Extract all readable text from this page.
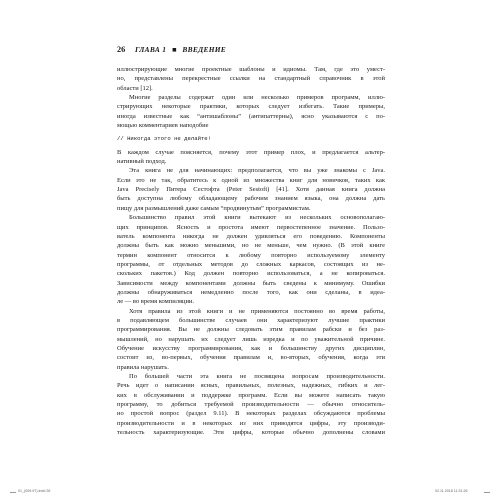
26 ГЛАВА 1 ■ ВВЕДЕНИЕ
иллюстрирующие многие проектные шаблоны и идиомы. Там, где это умест-
но, представлены перекрестные ссылки на стандартный справочник в этой
области [12].
Многие разделы содержат один или несколько примеров программ, иллю-
стрирующих некоторые практики, которых следует избегать. Такие примеры,
иногда известные как “антишаблоны” (антипаттерны), ясно указываются с по-
мощью комментариев наподобие
// Никогда этого не делайте!
В каждом случае поясняется, почему этот пример плох, и предлагается альтер-
нативный подход.
Эта книга не для начинающих: предполагается, что вы уже знакомы с Java.
Если это не так, обратитесь к одной из множества книг для новичков, таких как
Java Precisely Питера Сестофта (Peter Sestoft) [41]. Хотя данная книга должна
быть доступна любому обладающему рабочим знанием языка, она должна дать
пищу для размышлений даже самым “продвинутым” программистам.
Большинство правил этой книги вытекают из нескольких основополагаю-
щих принципов. Ясность и простота имеют первостепенное значение. Пользо-
ватель компонента никогда не должен удивляться его поведению. Компоненты
должны быть как можно меньшими, но не меньше, чем нужно. (В этой книге
термин компонент относится к любому повторно используемому элементу
программы, от отдельных методов до сложных каркасов, состоящих из не-
скольких пакетов.) Код должен повторно использоваться, а не копироваться.
Зависимости между компонентами должны быть сведены к минимуму. Ошибки
должны обнаруживаться немедленно после того, как они сделаны, в идеа-
ле — во время компиляции.
Хотя правила из этой книги и не применяются постоянно во время работы,
в подавляющем большинстве случаев они характеризуют лучшие практики
программирования. Вы не должны следовать этим правилам рабски и без раз-
мышлений, но нарушать их следует лишь изредка и по уважительной причине.
Обучение искусству программирования, как и большинству других дисциплин,
состоит из, во-первых, обучения правилам и, во-вторых, обучения, когда эти
правила нарушать.
По большей части эта книга не посвящена вопросам производительности.
Речь идет о написании ясных, правильных, полезных, надежных, гибких и лег-
ких в обслуживании и поддержке программ. Если вы можете написать такую
программу, то добиться требуемой производительности — обычно относитель-
но простой вопрос (раздел 9.11). В некоторых разделах обсуждаются проблемы
производительности и в некоторых из них приводятся цифры, эту производи-
тельность характеризующие. Эти цифры, которые обычно дополнены словами
01_(009-97).indd 26	02.11.2018 11:31:26
